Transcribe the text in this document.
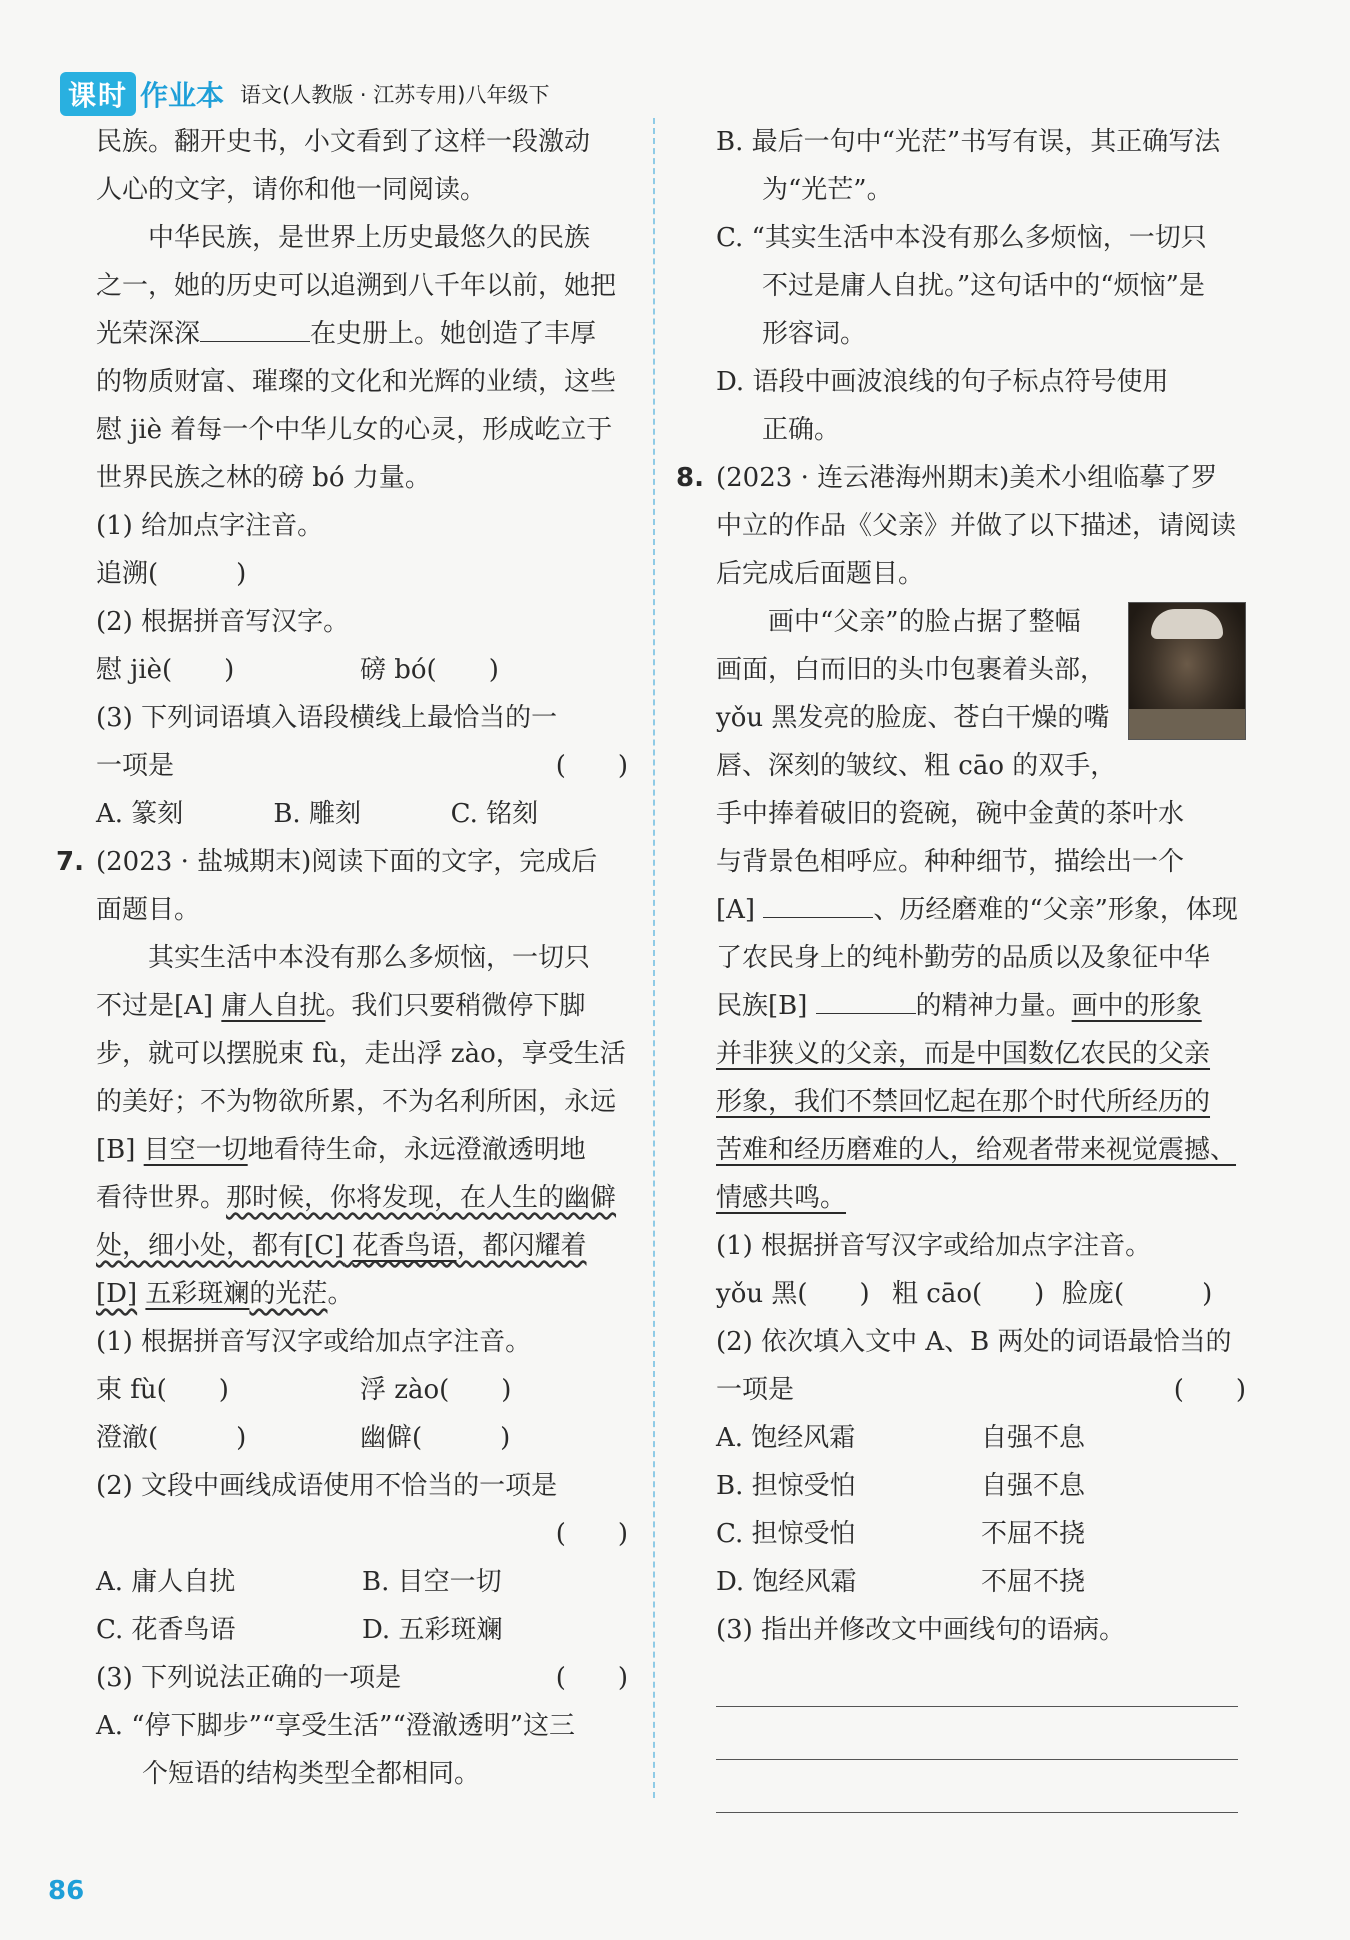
课时 作业本 语文(人教版 · 江苏专用)八年级下

民族。翻开史书，小文看到了这样一段激动

人心的文字，请你和他一同阅读。

中华民族，是世界上历史最悠久的民族

之一，她的历史可以追溯到八千年以前，她把

光荣深深	在史册上。她创造了丰厚

的物质财富、璀璨的文化和光辉的业绩，这些

慰 jiè 着每一个中华儿女的心灵，形成屹立于

世界民族之林的磅 bó 力量。

(1) 给加点字注音。

追溯(　　　)

(2) 根据拼音写汉字。

慰 jiè(　　)	磅 bó(　　)

(3) 下列词语填入语段横线上最恰当的一

一项是	(　　)

A. 篆刻	B. 雕刻	C. 铭刻

7. (2023 · 盐城期末)阅读下面的文字，完成后

面题目。

其实生活中本没有那么多烦恼，一切只

不过是[A] 庸人自扰。我们只要稍微停下脚

步，就可以摆脱束 fù，走出浮 zào，享受生活

的美好；不为物欲所累，不为名利所困，永远

[B] 目空一切地看待生命，永远澄澈透明地

看待世界。那时候，你将发现，在人生的幽僻

处，细小处，都有[C] 花香鸟语，都闪耀着

[D] 五彩斑斓的光茫。

(1) 根据拼音写汉字或给加点字注音。

束 fù(　　)	浮 zào(　　)

澄澈(　　　)	幽僻(　　　)

(2) 文段中画线成语使用不恰当的一项是

(　　)

A. 庸人自扰	B. 目空一切

C. 花香鸟语	D. 五彩斑斓

(3) 下列说法正确的一项是	(　　)

A. “停下脚步”“享受生活”“澄澈透明”这三

个短语的结构类型全都相同。

B. 最后一句中“光茫”书写有误，其正确写法

为“光芒”。

C. “其实生活中本没有那么多烦恼，一切只

不过是庸人自扰。”这句话中的“烦恼”是

形容词。

D. 语段中画波浪线的句子标点符号使用

正确。

8. (2023 · 连云港海州期末)美术小组临摹了罗

中立的作品《父亲》并做了以下描述，请阅读

后完成后面题目。

画中“父亲”的脸占据了整幅

画面，白而旧的头巾包裹着头部，

yǒu 黑发亮的脸庞、苍白干燥的嘴

唇、深刻的皱纹、粗 cāo 的双手，

手中捧着破旧的瓷碗，碗中金黄的茶叶水

与背景色相呼应。种种细节，描绘出一个

[A]	、历经磨难的“父亲”形象，体现

了农民身上的纯朴勤劳的品质以及象征中华

民族[B]	的精神力量。画中的形象

并非狭义的父亲，而是中国数亿农民的父亲

形象，我们不禁回忆起在那个时代所经历的

苦难和经历磨难的人，给观者带来视觉震撼、

情感共鸣。

(1) 根据拼音写汉字或给加点字注音。

yǒu 黑(　　) 粗 cāo(　　) 脸庞(　　　)

(2) 依次填入文中 A、B 两处的词语最恰当的

一项是	(　　)

A. 饱经风霜	自强不息

B. 担惊受怕	自强不息

C. 担惊受怕	不屈不挠

D. 饱经风霜	不屈不挠

(3) 指出并修改文中画线句的语病。

86
